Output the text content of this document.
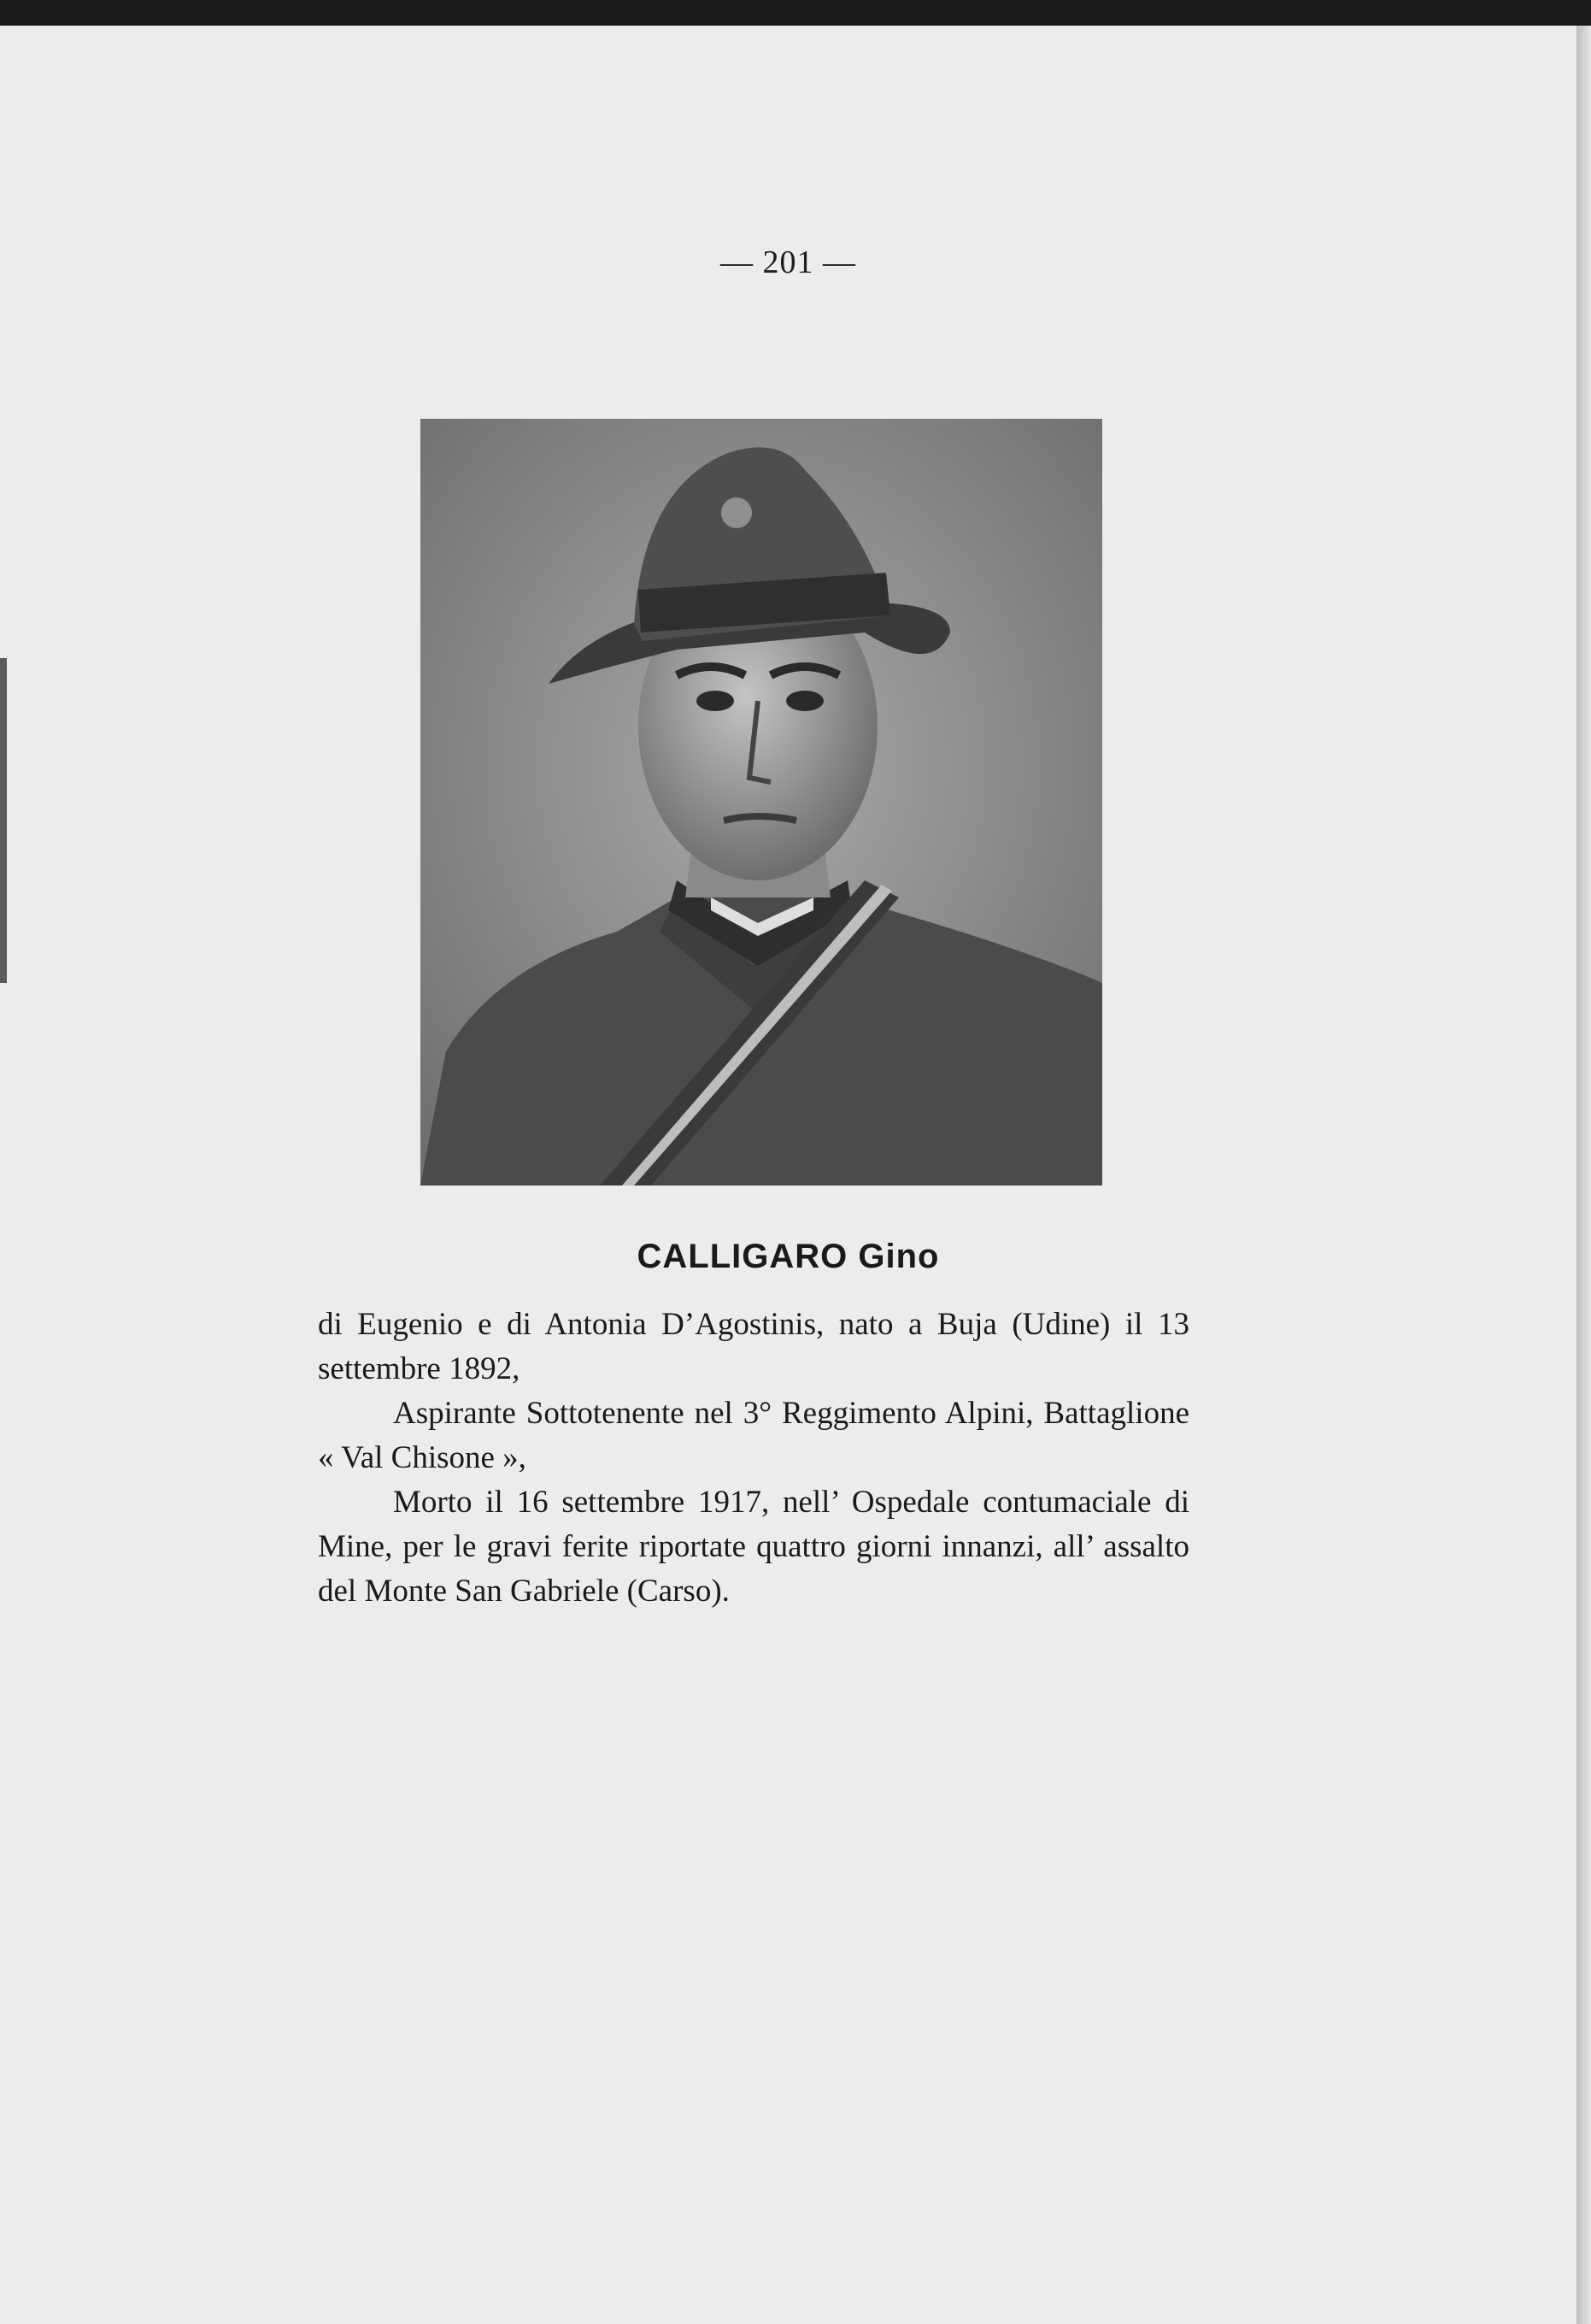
— 201 —
CALLIGARO Gino

di Eugenio e di Antonia D’Agostinis, nato a Buja (Udine) il 13 settembre 1892,

Aspirante Sottotenente nel 3° Reggimento Alpini, Battaglione « Val Chisone »,

Morto il 16 settembre 1917, nell’ Ospedale contumaciale di Mine, per le gravi ferite riportate quattro giorni innanzi, all’ assalto del Monte San Gabriele (Carso).
